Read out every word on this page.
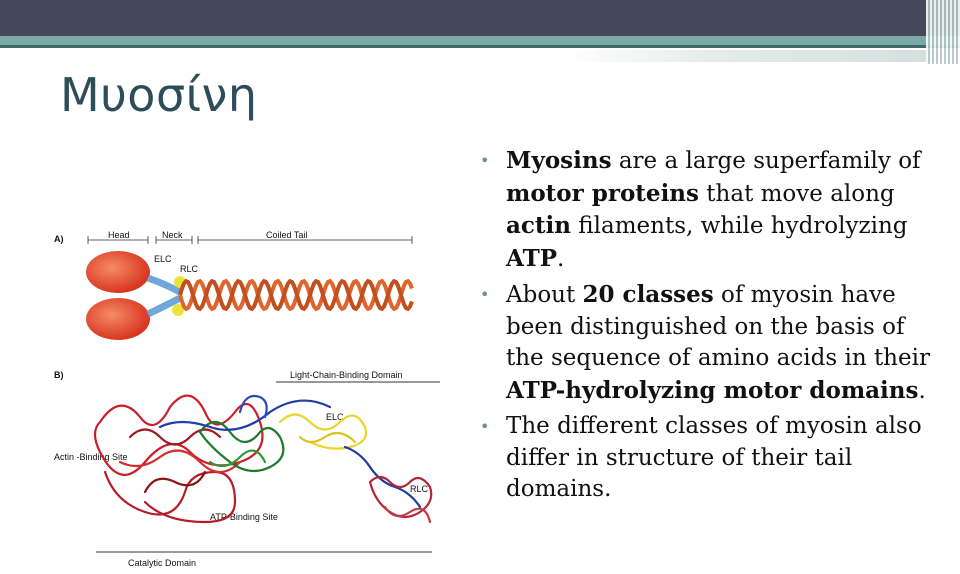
Μυοσίνη
• Myosins are a large superfamily of motor proteins that move along actin filaments, while hydrolyzing ATP.
• About 20 classes of myosin have been distinguished on the basis of the sequence of amino acids in their ATP-hydrolyzing motor domains.
• The different classes of myosin also differ in structure of their tail domains.
A)	Head	Neck	Coiled Tail
ELC
RLC
B)	Light-Chain-Binding Domain
ELC
RLC
Actin -Binding Site
ATP-Binding Site
Catalytic Domain
